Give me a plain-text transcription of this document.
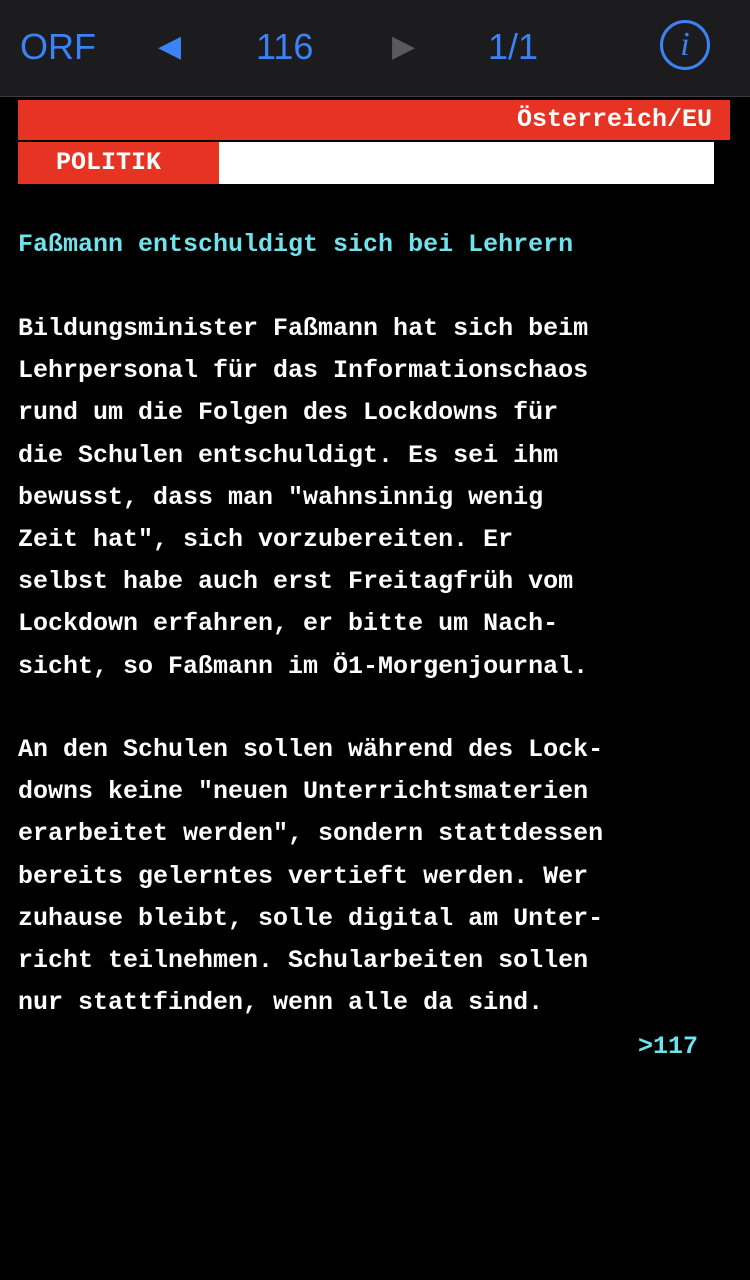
ORF ◀ 116	▶ 1/1	i
Österreich/EU
POLITIK
Faßmann entschuldigt sich bei Lehrern
Bildungsminister Faßmann hat sich beim
Lehrpersonal für das Informationschaos
rund um die Folgen des Lockdowns für
die Schulen entschuldigt. Es sei ihm
bewusst, dass man "wahnsinnig wenig
Zeit hat", sich vorzubereiten. Er
selbst habe auch erst Freitagfrüh vom
Lockdown erfahren, er bitte um Nach-
sicht, so Faßmann im Ö1-Morgenjournal.
An den Schulen sollen während des Lock-
downs keine "neuen Unterrichtsmaterien
erarbeitet werden", sondern stattdessen
bereits gelerntes vertieft werden. Wer
zuhause bleibt, solle digital am Unter-
richt teilnehmen. Schularbeiten sollen
nur stattfinden, wenn alle da sind.
>117
